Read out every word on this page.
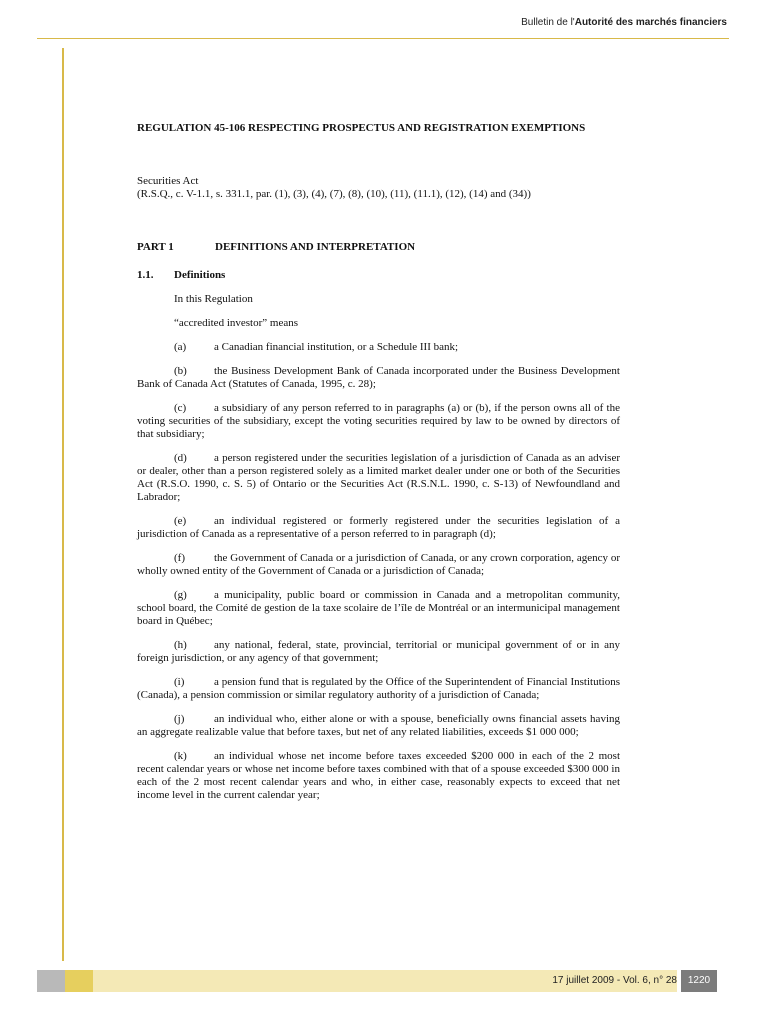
Bulletin de l'Autorité des marchés financiers

REGULATION 45-106 RESPECTING PROSPECTUS AND REGISTRATION EXEMPTIONS

Securities Act
(R.S.Q., c. V-1.1, s. 331.1, par. (1), (3), (4), (7), (8), (10), (11), (11.1), (12), (14) and (34))
PART 1	DEFINITIONS AND INTERPRETATION
1.1.	Definitions
In this Regulation
“accredited investor” means
(a)	a Canadian financial institution, or a Schedule III bank;
(b) the Business Development Bank of Canada incorporated under the Business Development Bank of Canada Act (Statutes of Canada, 1995, c. 28);
(c)	a subsidiary of any person referred to in paragraphs (a) or (b), if the person owns all of the voting securities of the subsidiary, except the voting securities required by law to be owned by directors of that subsidiary;
(d) a person registered under the securities legislation of a jurisdiction of Canada as an adviser or dealer, other than a person registered solely as a limited market dealer under one or both of the Securities Act (R.S.O. 1990, c. S. 5) of Ontario or the Securities Act (R.S.N.L. 1990, c. S-13) of Newfoundland and Labrador;
(e)	an individual registered or formerly registered under the securities legislation of a jurisdiction of Canada as a representative of a person referred to in paragraph (d);
(f)	the Government of Canada or a jurisdiction of Canada, or any crown corporation, agency or wholly owned entity of the Government of Canada or a jurisdiction of Canada;
(g) a municipality, public board or commission in Canada and a metropolitan community, school board, the Comité de gestion de la taxe scolaire de l’île de Montréal or an intermunicipal management board in Québec;
(h) any national, federal, state, provincial, territorial or municipal government of or in any foreign jurisdiction, or any agency of that government;
(i)	a pension fund that is regulated by the Office of the Superintendent of Financial Institutions (Canada), a pension commission or similar regulatory authority of a jurisdiction of Canada;
(j)	an individual who, either alone or with a spouse, beneficially owns financial assets having an aggregate realizable value that before taxes, but net of any related liabilities, exceeds $1 000 000;
(k) an individual whose net income before taxes exceeded $200 000 in each of the 2 most recent calendar years or whose net income before taxes combined with that of a spouse exceeded $300 000 in each of the 2 most recent calendar years and who, in either case, reasonably expects to exceed that net income level in the current calendar year;
17 juillet 2009 - Vol. 6, n° 28	1220
